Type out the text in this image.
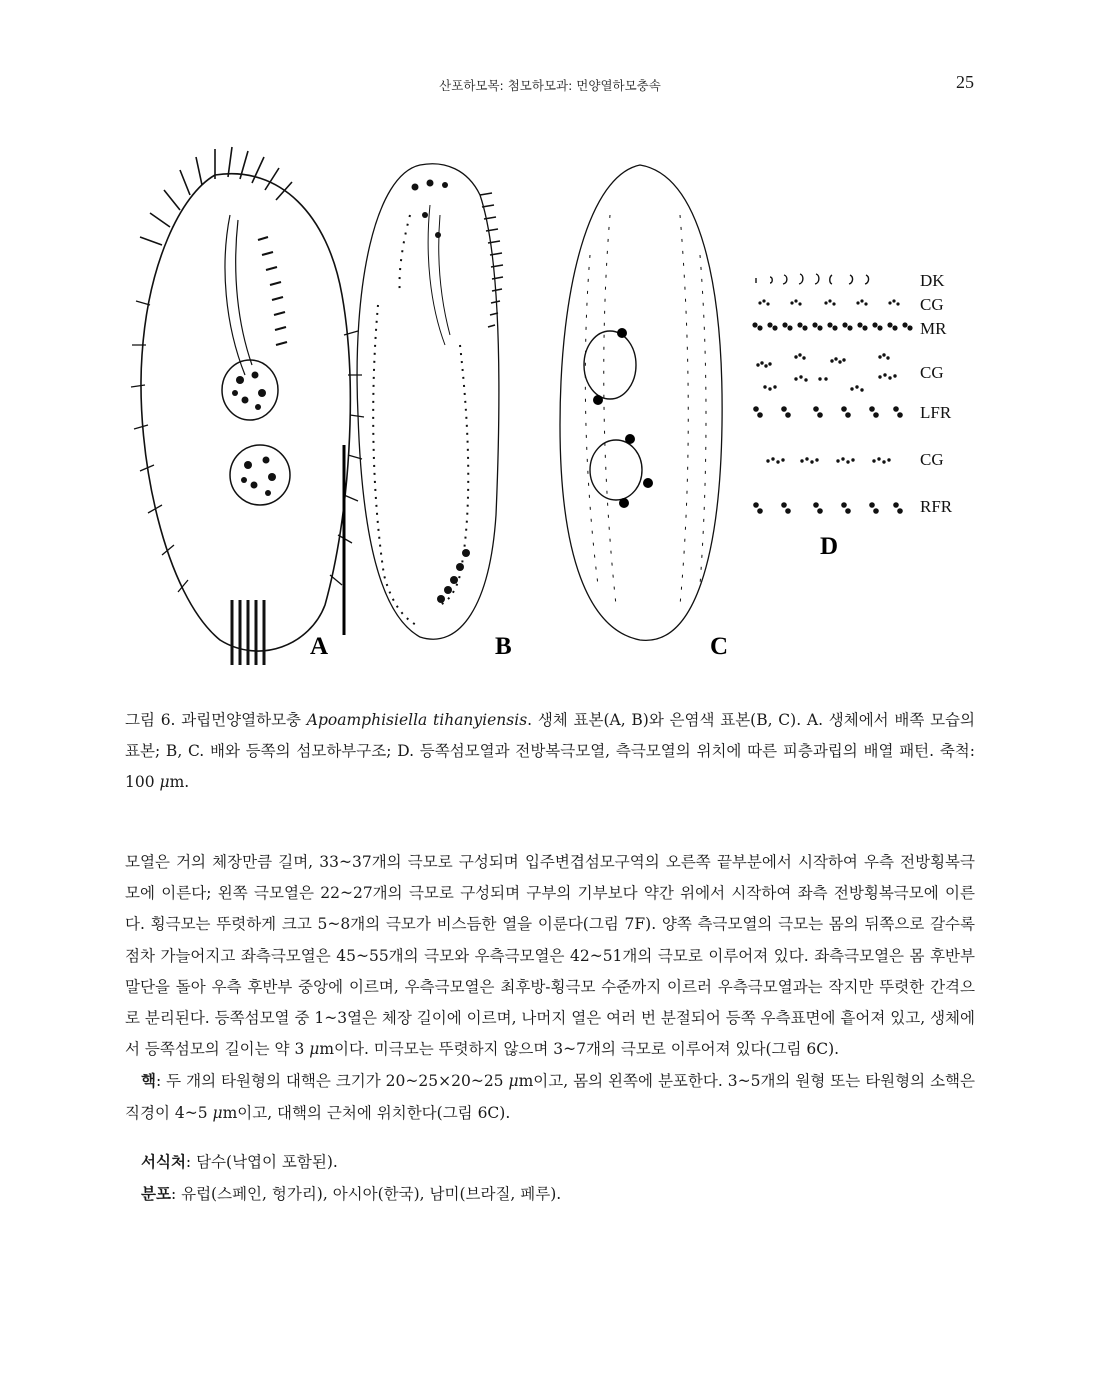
산포하모목: 첨모하모과: 먼양열하모충속	25
A	B	C
D
DK
CG
MR
CG
LFR
CG
RFR
그림 6. 과립먼양열하모충 Apoamphisiella tihanyiensis. 생체 표본(A, B)와 은염색 표본(B, C). A. 생체에서 배쪽 모습의 표본; B, C. 배와 등쪽의 섬모하부구조; D. 등쪽섬모열과 전방복극모열, 측극모열의 위치에 따른 피층과립의 배열 패턴. 축척: 100 μm.

모열은 거의 체장만큼 길며, 33~37개의 극모로 구성되며 입주변겹섬모구역의 오른쪽 끝부분에서 시작하여 우측 전방횡복극모에 이른다; 왼쪽 극모열은 22~27개의 극모로 구성되며 구부의 기부보다 약간 위에서 시작하여 좌측 전방횡복극모에 이른다. 횡극모는 뚜렷하게 크고 5~8개의 극모가 비스듬한 열을 이룬다(그림 7F). 양쪽 측극모열의 극모는 몸의 뒤쪽으로 갈수록 점차 가늘어지고 좌측극모열은 45~55개의 극모와 우측극모열은 42~51개의 극모로 이루어져 있다. 좌측극모열은 몸 후반부 말단을 돌아 우측 후반부 중앙에 이르며, 우측극모열은 최후방-횡극모 수준까지 이르러 우측극모열과는 작지만 뚜렷한 간격으로 분리된다. 등쪽섬모열 중 1~3열은 체장 길이에 이르며, 나머지 열은 여러 번 분절되어 등쪽 우측표면에 흩어져 있고, 생체에서 등쪽섬모의 길이는 약 3 μm이다. 미극모는 뚜렷하지 않으며 3~7개의 극모로 이루어져 있다(그림 6C).

핵: 두 개의 타원형의 대핵은 크기가 20~25×20~25 μm이고, 몸의 왼쪽에 분포한다. 3~5개의 원형 또는 타원형의 소핵은 직경이 4~5 μm이고, 대핵의 근처에 위치한다(그림 6C).

서식처: 담수(낙엽이 포함된).

분포: 유럽(스페인, 헝가리), 아시아(한국), 남미(브라질, 페루).
